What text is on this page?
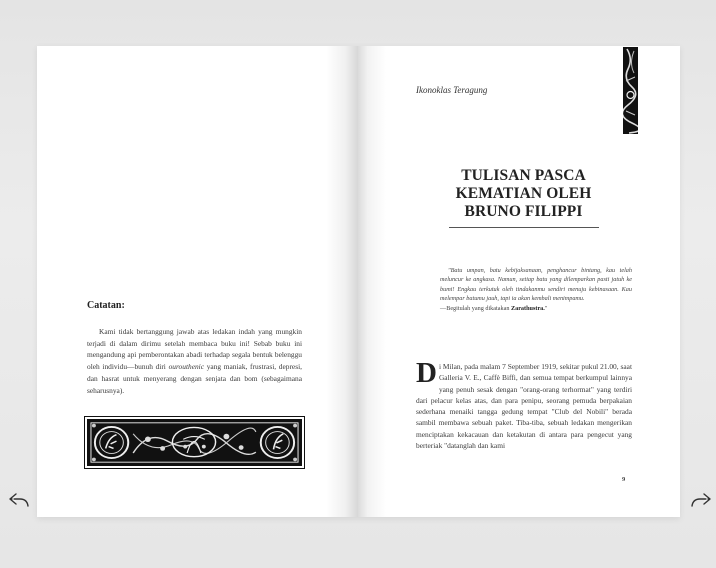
Catatan:
Kami tidak bertanggung jawab atas ledakan indah yang mungkin terjadi di dalam dirimu setelah membaca buku ini! Sebab buku ini mengandung api pemberontakan abadi terhadap segala bentuk belenggu oleh individu—bunuh diri ourouthenic yang maniak, frustrasi, depresi, dan hasrat untuk menyerang dengan senjata dan bom (sebagaimana seharusnya).
Ikonoklas Teragung
TULISAN PASCA KEMATIAN OLEH BRUNO FILIPPI
"Batu umpan, batu kebijaksanaan, penghancur bintang, kau telah meluncur ke angkasa. Namun, setiap batu yang dilemparkan pasti jatuh ke bumi! Engkau terkutuk oleh tindakanmu sendiri menuju kebinasaan. Kau melempar batumu jauh, tapi ia akan kembali menimpamu.
—Begitulah yang dikatakan Zarathustra."
Di Milan, pada malam 7 September 1919, sekitar pukul 21.00, saat Galleria V. E., Caffè Biffi, dan semua tempat berkumpul lainnya yang penuh sesak dengan "orang-orang terhormat" yang terdiri dari pelacur kelas atas, dan para penipu, seorang pemuda berpakaian sederhana menaiki tangga gedung tempat "Club del Nobili" berada sambil membawa sebuah paket. Tiba-tiba, sebuah ledakan mengerikan menciptakan kekacauan dan ketakutan di antara para pengecut yang berteriak "datanglah dan kami
9
